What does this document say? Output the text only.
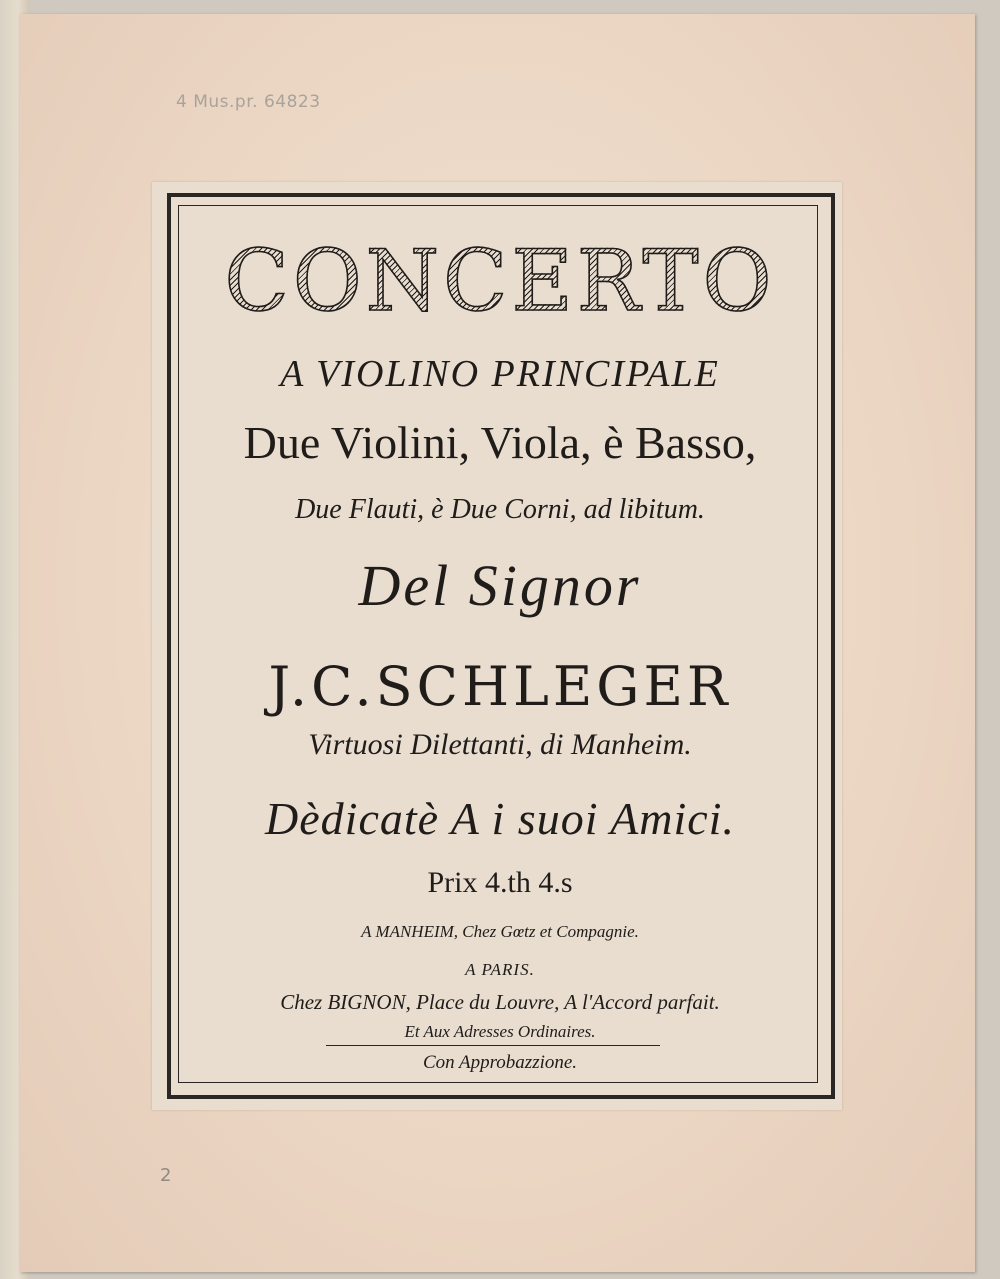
4 Mus.pr. 64823
2
CONCERTO
A VIOLINO PRINCIPALE
Due Violini, Viola, è Basso,
Due Flauti, è Due Corni, ad libitum.
Del Signor
J.C.SCHLEGER
Virtuosi Dilettanti, di Manheim.
Dèdicatè A i suoi Amici.
Prix 4.th 4.s
A MANHEIM, Chez Gœtz et Compagnie.
A PARIS.
Chez BIGNON, Place du Louvre, A l'Accord parfait.
Et Aux Adresses Ordinaires.
Con Approbazzione.
